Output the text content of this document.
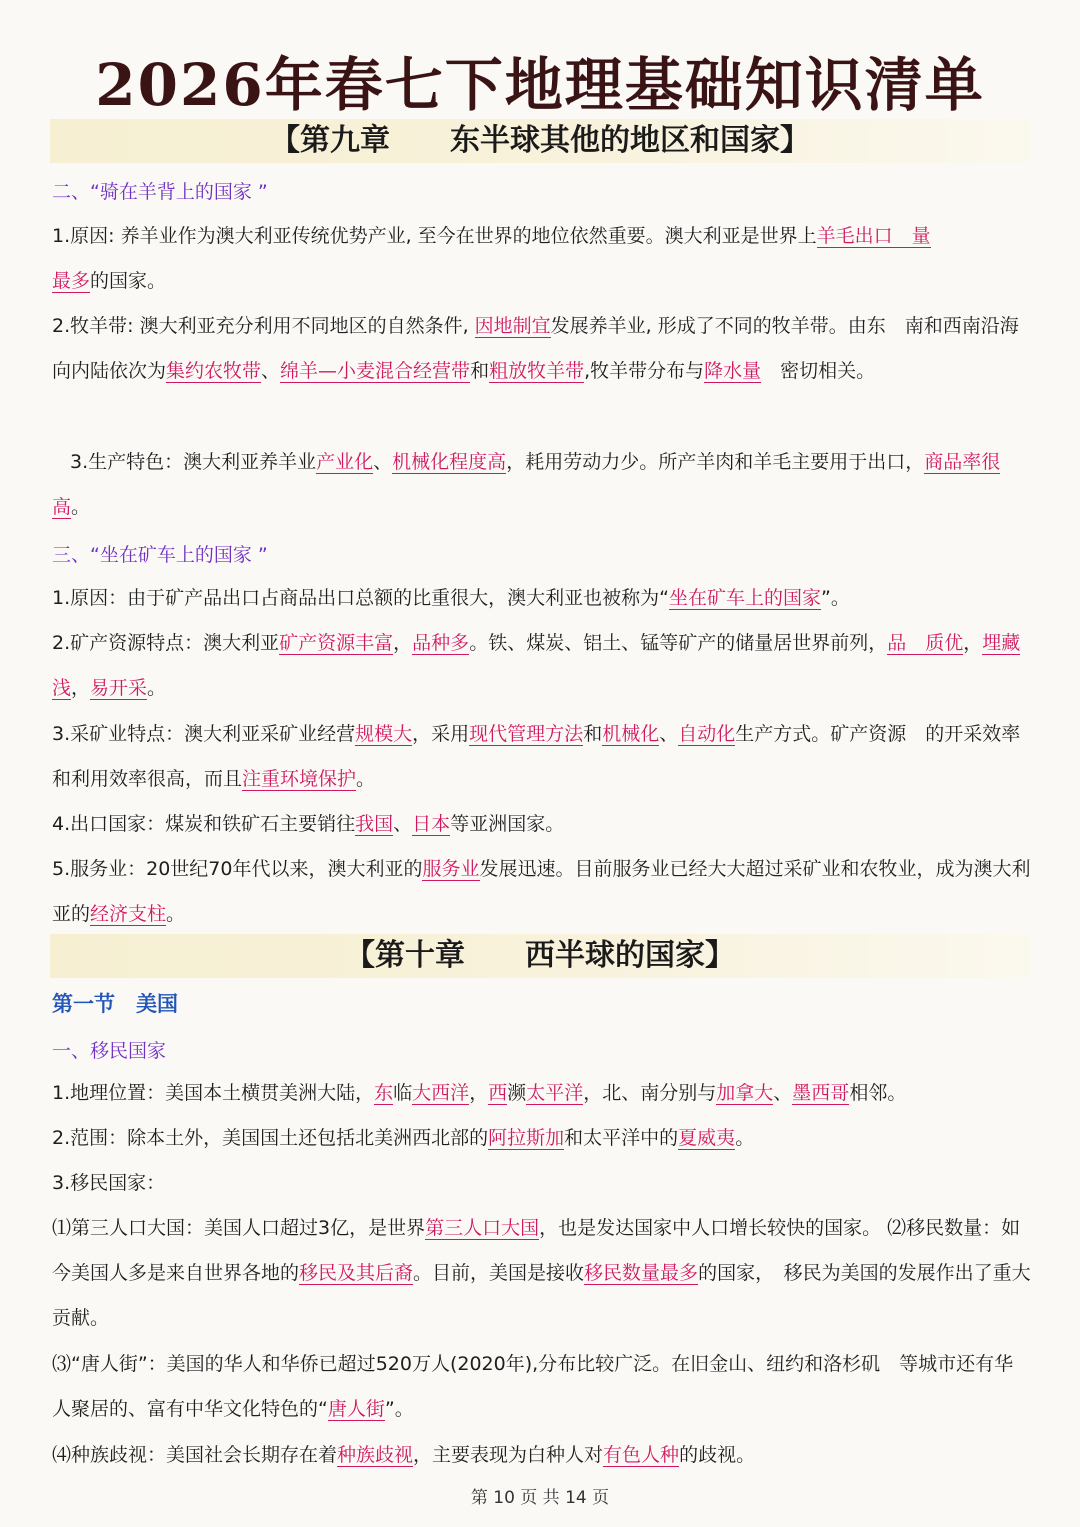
2026年春七下地理基础知识清单
【第九章　　东半球其他的地区和国家】
二、“骑在羊背上的国家 ”
1.原因: 养羊业作为澳大利亚传统优势产业, 至今在世界的地位依然重要。澳大利亚是世界上羊毛出口　量
最多的国家。
2.牧羊带: 澳大利亚充分利用不同地区的自然条件, 因地制宜发展养羊业, 形成了不同的牧羊带。由东　南和西南沿海向内陆依次为集约农牧带、绵羊—小麦混合经营带和粗放牧羊带,牧羊带分布与降水量　密切相关。
3.生产特色：澳大利亚养羊业产业化、机械化程度高，耗用劳动力少。所产羊肉和羊毛主要用于出口，商品率很高。
三、“坐在矿车上的国家 ”
1.原因：由于矿产品出口占商品出口总额的比重很大，澳大利亚也被称为“坐在矿车上的国家”。
2.矿产资源特点：澳大利亚矿产资源丰富，品种多。铁、煤炭、铝土、锰等矿产的储量居世界前列，品　质优，埋藏浅，易开采。
3.采矿业特点：澳大利亚采矿业经营规模大，采用现代管理方法和机械化、自动化生产方式。矿产资源　的开采效率和利用效率很高，而且注重环境保护。
4.出口国家：煤炭和铁矿石主要销往我国、日本等亚洲国家。
5.服务业：20世纪70年代以来，澳大利亚的服务业发展迅速。目前服务业已经大大超过采矿业和农牧业，成为澳大利亚的经济支柱。
【第十章　　西半球的国家】
第一节　美国
一、移民国家
1.地理位置：美国本土横贯美洲大陆，东临大西洋，西濒太平洋，北、南分别与加拿大、墨西哥相邻。
2.范围：除本土外，美国国土还包括北美洲西北部的阿拉斯加和太平洋中的夏威夷。
3.移民国家：
⑴第三人口大国：美国人口超过3亿，是世界第三人口大国，也是发达国家中人口增长较快的国家。 ⑵移民数量：如今美国人多是来自世界各地的移民及其后裔。目前，美国是接收移民数量最多的国家，　移民为美国的发展作出了重大贡献。
⑶“唐人街”：美国的华人和华侨已超过520万人(2020年),分布比较广泛。在旧金山、纽约和洛杉矶　等城市还有华人聚居的、富有中华文化特色的“唐人街”。
⑷种族歧视：美国社会长期存在着种族歧视，主要表现为白种人对有色人种的歧视。
第 10 页 共 14 页
